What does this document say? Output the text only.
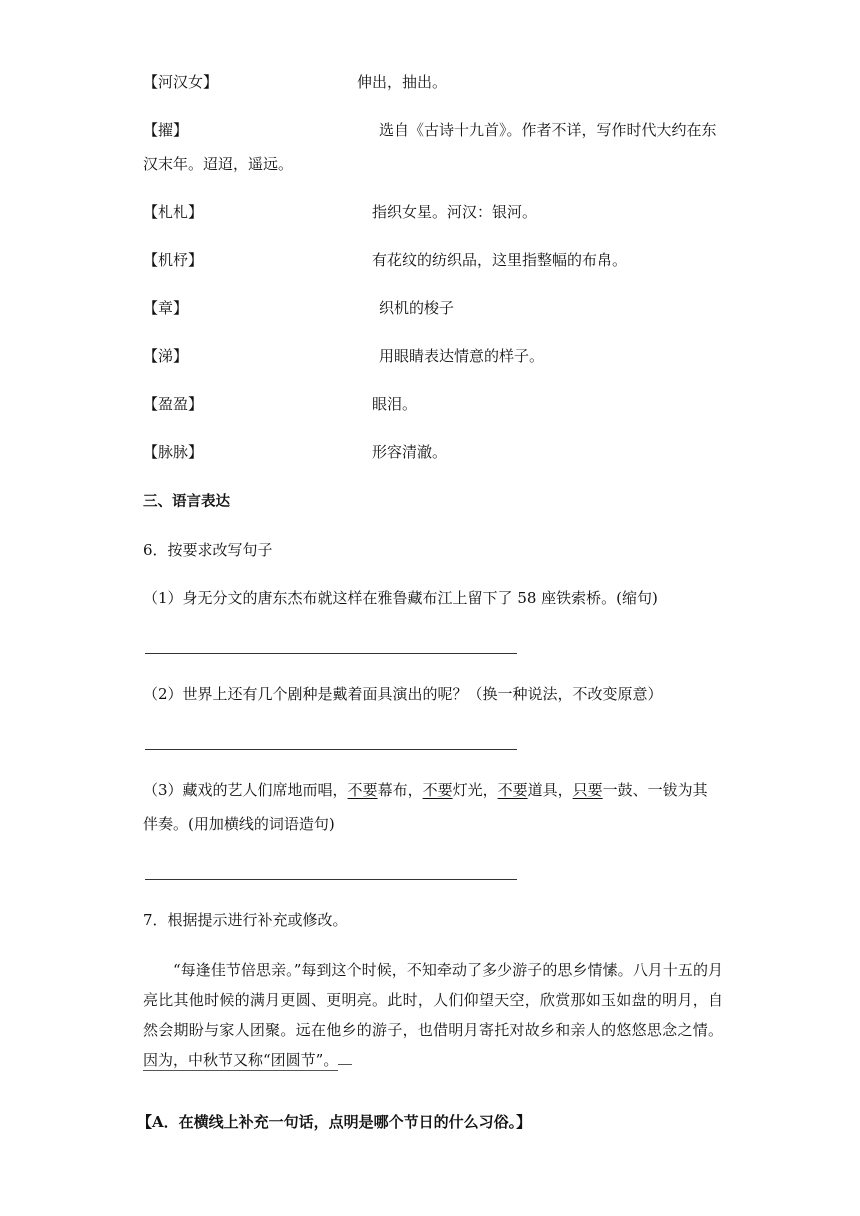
【河汉女】	伸出，抽出。
【擢】	选自《古诗十九首》。作者不详，写作时代大约在东
汉末年。迢迢，遥远。
【札札】	指织女星。河汉：银河。
【机杼】	有花纹的纺织品，这里指整幅的布帛。
【章】	织机的梭子
【涕】	用眼睛表达情意的样子。
【盈盈】	眼泪。
【脉脉】	形容清澈。
三、语言表达
6．按要求改写句子
（1）身无分文的唐东杰布就这样在雅鲁藏布江上留下了 58 座铁索桥。(缩句)
（2）世界上还有几个剧种是戴着面具演出的呢？（换一种说法，不改变原意）
（3）藏戏的艺人们席地而唱，不要幕布，不要灯光，不要道具，只要一鼓、一钹为其
伴奏。(用加横线的词语造句)
7．根据提示进行补充或修改。
“每逢佳节倍思亲。”每到这个时候，不知牵动了多少游子的思乡情愫。八月十五的月亮比其他时候的满月更圆、更明亮。此时，人们仰望天空，欣赏那如玉如盘的明月，自然会期盼与家人团聚。远在他乡的游子，也借明月寄托对故乡和亲人的悠悠思念之情。因为，中秋节又称“团圆节”。
【A．在横线上补充一句话，点明是哪个节日的什么习俗。】
